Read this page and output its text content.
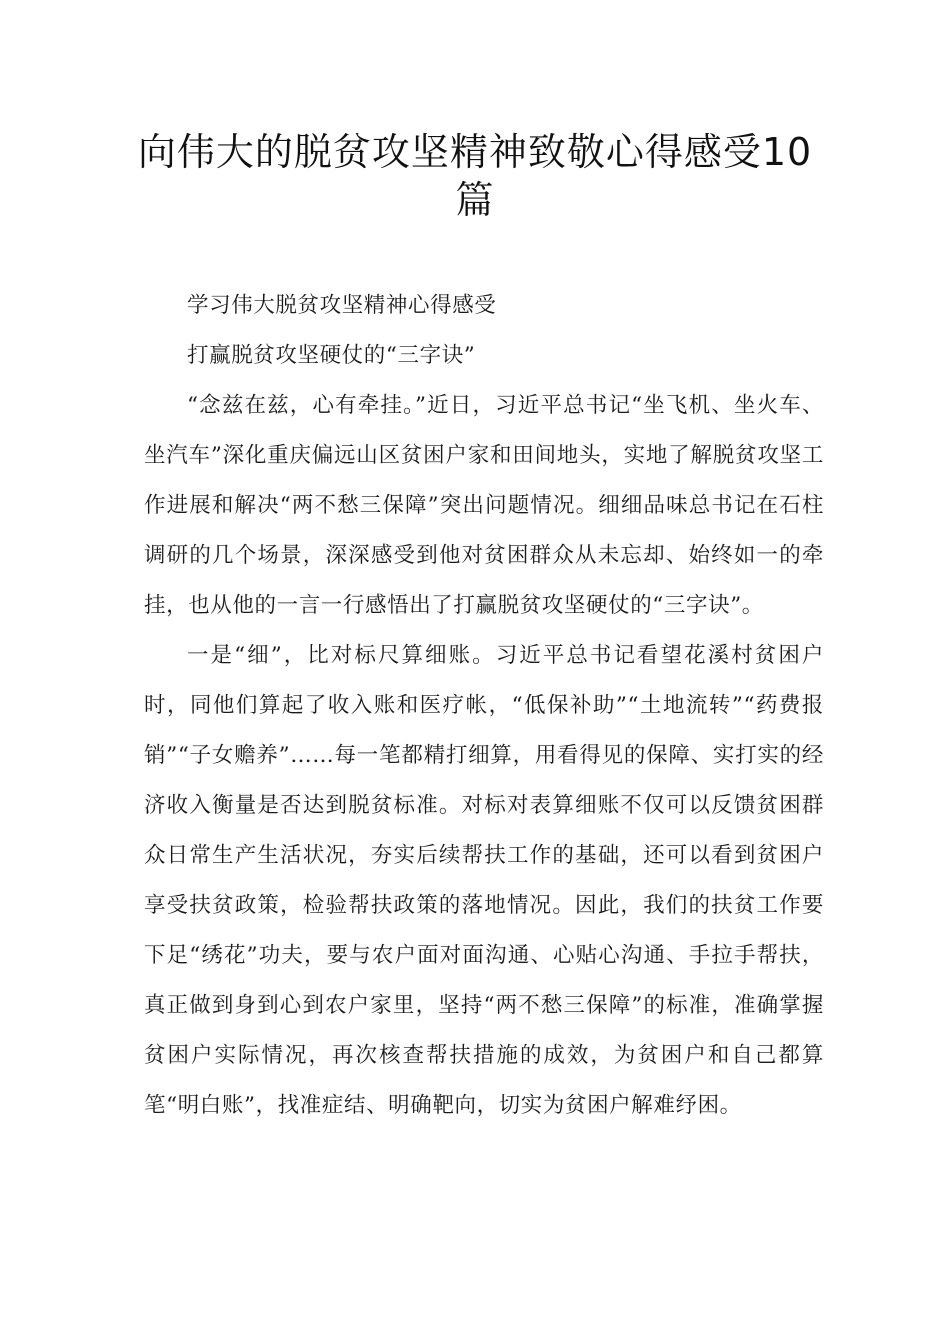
向伟大的脱贫攻坚精神致敬心得感受10篇

学习伟大脱贫攻坚精神心得感受

打赢脱贫攻坚硬仗的“三字诀”

“念兹在兹，心有牵挂。”近日，习近平总书记“坐飞机、坐火车、坐汽车”深化重庆偏远山区贫困户家和田间地头，实地了解脱贫攻坚工作进展和解决“两不愁三保障”突出问题情况。细细品味总书记在石柱调研的几个场景，深深感受到他对贫困群众从未忘却、始终如一的牵挂，也从他的一言一行感悟出了打赢脱贫攻坚硬仗的“三字诀”。

一是“细”，比对标尺算细账。习近平总书记看望花溪村贫困户时，同他们算起了收入账和医疗帐，“低保补助”“土地流转”“药费报销”“子女赡养”……每一笔都精打细算，用看得见的保障、实打实的经济收入衡量是否达到脱贫标准。对标对表算细账不仅可以反馈贫困群众日常生产生活状况，夯实后续帮扶工作的基础，还可以看到贫困户享受扶贫政策，检验帮扶政策的落地情况。因此，我们的扶贫工作要下足“绣花”功夫，要与农户面对面沟通、心贴心沟通、手拉手帮扶，真正做到身到心到农户家里，坚持“两不愁三保障”的标准，准确掌握贫困户实际情况，再次核查帮扶措施的成效，为贫困户和自己都算笔“明白账”，找准症结、明确靶向，切实为贫困户解难纾困。
